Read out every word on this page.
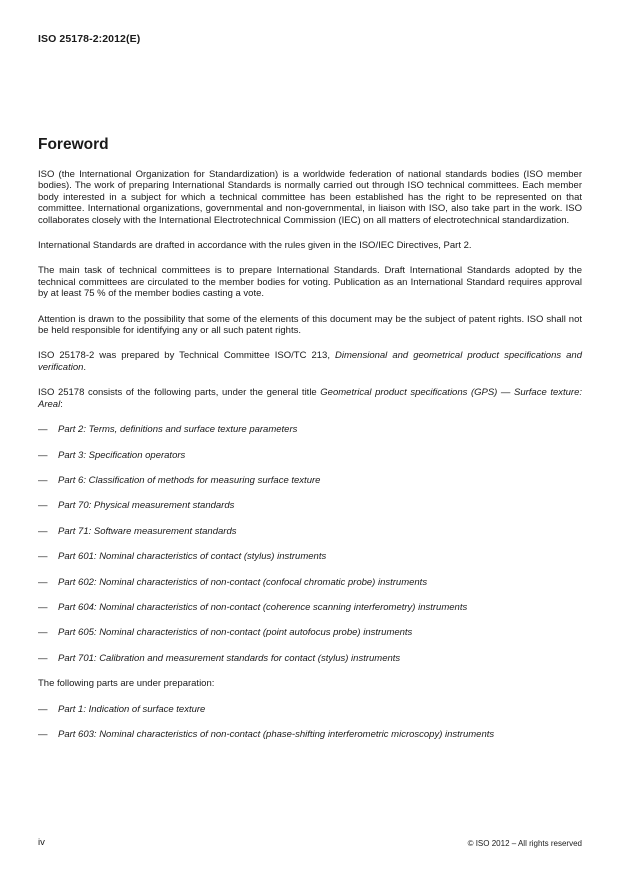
ISO 25178-2:2012(E)
Foreword

ISO (the International Organization for Standardization) is a worldwide federation of national standards bodies (ISO member bodies). The work of preparing International Standards is normally carried out through ISO technical committees. Each member body interested in a subject for which a technical committee has been established has the right to be represented on that committee. International organizations, governmental and non-governmental, in liaison with ISO, also take part in the work. ISO collaborates closely with the International Electrotechnical Commission (IEC) on all matters of electrotechnical standardization.

International Standards are drafted in accordance with the rules given in the ISO/IEC Directives, Part 2.

The main task of technical committees is to prepare International Standards. Draft International Standards adopted by the technical committees are circulated to the member bodies for voting. Publication as an International Standard requires approval by at least 75 % of the member bodies casting a vote.

Attention is drawn to the possibility that some of the elements of this document may be the subject of patent rights. ISO shall not be held responsible for identifying any or all such patent rights.

ISO 25178-2 was prepared by Technical Committee ISO/TC 213, Dimensional and geometrical product specifications and verification.

ISO 25178 consists of the following parts, under the general title Geometrical product specifications (GPS) — Surface texture: Areal:

—	Part 2: Terms, definitions and surface texture parameters
—	Part 3: Specification operators
—	Part 6: Classification of methods for measuring surface texture
—	Part 70: Physical measurement standards
—	Part 71: Software measurement standards
—	Part 601: Nominal characteristics of contact (stylus) instruments
—	Part 602: Nominal characteristics of non-contact (confocal chromatic probe) instruments
—	Part 604: Nominal characteristics of non-contact (coherence scanning interferometry) instruments
—	Part 605: Nominal characteristics of non-contact (point autofocus probe) instruments
—	Part 701: Calibration and measurement standards for contact (stylus) instruments

The following parts are under preparation:

—	Part 1: Indication of surface texture
—	Part 603: Nominal characteristics of non-contact (phase-shifting interferometric microscopy) instruments
iv	© ISO 2012 – All rights reserved
